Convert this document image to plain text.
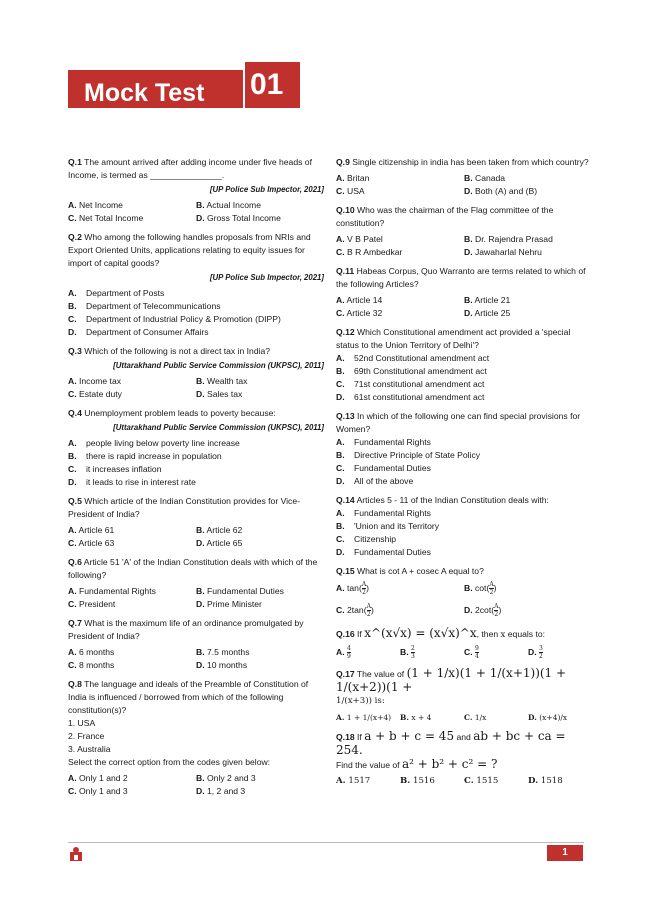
Mock Test 01
Q.1 The amount arrived after adding income under five heads of Income, is termed as _______________.
[UP Police Sub Impector, 2021]
A. Net Income	B. Actual Income
C. Net Total Income	D. Gross Total Income
Q.2 Who among the following handles proposals from NRIs and Export Oriented Units, applications relating to equity issues for import of capital goods?
[UP Police Sub Impector, 2021]
A.	Department of Posts
B.	Department of Telecommunications
C.	Department of Industrial Policy & Promotion (DIPP)
D.	Department of Consumer Affairs
Q.3 Which of the following is not a direct tax in India?
[Uttarakhand Public Service Commission (UKPSC), 2011]
A. Income tax	B. Wealth tax
C. Estate duty	D. Sales tax
Q.4 Unemployment problem leads to poverty because:
[Uttarakhand Public Service Commission (UKPSC), 2011]
A.	people living below poverty line increase
B.	there is rapid increase in population
C.	it increases inflation
D.	it leads to rise in interest rate
Q.5 Which article of the Indian Constitution provides for Vice-President of India?
A. Article 61	B. Article 62
C. Article 63	D. Article 65
Q.6 Article 51 'A' of the Indian Constitution deals with which of the following?
A. Fundamental Rights	B. Fundamental Duties
C. President	D. Prime Minister
Q.7 What is the maximum life of an ordinance promulgated by President of India?
A. 6 months	B. 7.5 months
C. 8 months	D. 10 months
Q.8 The language and ideals of the Preamble of Constitution of India is influenced / borrowed from which of the following constitution(s)?
1. USA
2. France
3. Australia
Select the correct option from the codes given below:
A. Only 1 and 2	B. Only 2 and 3
C. Only 1 and 3	D. 1, 2 and 3
Q.9 Single citizenship in india has been taken from which country?
A. Britan	B. Canada
C. USA	D. Both (A) and (B)
Q.10 Who was the chairman of the Flag committee of the constitution?
A. V B Patel	B. Dr. Rajendra Prasad
C. B R Ambedkar	D. Jawaharlal Nehru
Q.11 Habeas Corpus, Quo Warranto are terms related to which of the following Articles?
A. Article 14	B. Article 21
C. Article 32	D. Article 25
Q.12 Which Constitutional amendment act provided a 'special status to the Union Territory of Delhi'?
A.	52nd Constitutional amendment act
B.	69th Constitutional amendment act
C.	71st constitutional amendment act
D.	61st constitutional amendment act
Q.13 In which of the following one can find special provisions for Women?
A.	Fundamental Rights
B.	Directive Principle of State Policy
C.	Fundamental Duties
D.	All of the above
Q.14 Articles 5 - 11 of the Indian Constitution deals with:
A.	Fundamental Rights
B.	'Union and its Territory
C.	Citizenship
D.	Fundamental Duties
Q.15 What is cot A + cosec A equal to?
A. $\tan( \frac{A}{2}$ )	B. $\cot( \frac{A}{2}$ )
C. $2\tan( \frac{A}{2}$ )	D. $2\cot( \frac{A}{2}$ )
Q.16 If x^(x√x) = (x√x)^x, then x equals to:
A. $\frac{4}{9}$	B. $\frac{2}{3}$	C. $\frac{9}{4}$	D. $\frac{3}{2}$
Q.17 The value of (1 + 1/x)(1 + 1/(x+1))(1 + 1/(x+2))(1 +
1/(x+3)) is:
A. 1 + 1/(x+4)	B. x + 4	C. 1/x	D. (x+4)/x
Q.18 If a + b + c = 45 and ab + bc + ca = 254.
Find the value of a² + b² + c² = ?
A. 1517	B. 1516	C. 1515	D. 1518
1
